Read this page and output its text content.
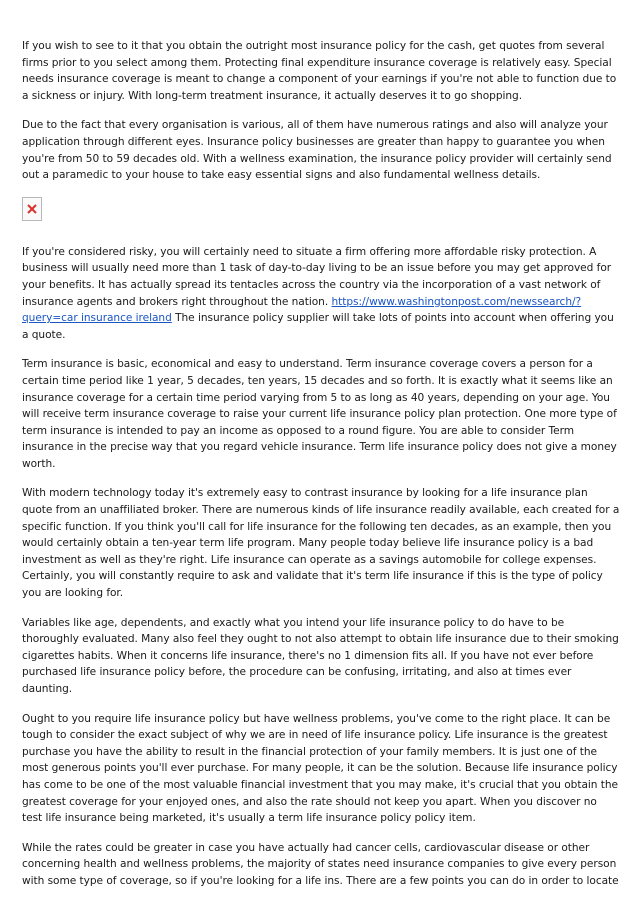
If you wish to see to it that you obtain the outright most insurance policy for the cash, get quotes from several firms prior to you select among them. Protecting final expenditure insurance coverage is relatively easy. Special needs insurance coverage is meant to change a component of your earnings if you're not able to function due to a sickness or injury. With long-term treatment insurance, it actually deserves it to go shopping.

Due to the fact that every organisation is various, all of them have numerous ratings and also will analyze your application through different eyes. Insurance policy businesses are greater than happy to guarantee you when you're from 50 to 59 decades old. With a wellness examination, the insurance policy provider will certainly send out a paramedic to your house to take easy essential signs and also fundamental wellness details.

If you're considered risky, you will certainly need to situate a firm offering more affordable risky protection. A business will usually need more than 1 task of day-to-day living to be an issue before you may get approved for your benefits. It has actually spread its tentacles across the country via the incorporation of a vast network of insurance agents and brokers right throughout the nation. https://www.washingtonpost.com/newssearch/?query=car insurance ireland The insurance policy supplier will take lots of points into account when offering you a quote.

Term insurance is basic, economical and easy to understand. Term insurance coverage covers a person for a certain time period like 1 year, 5 decades, ten years, 15 decades and so forth. It is exactly what it seems like an insurance coverage for a certain time period varying from 5 to as long as 40 years, depending on your age. You will receive term insurance coverage to raise your current life insurance policy plan protection. One more type of term insurance is intended to pay an income as opposed to a round figure. You are able to consider Term insurance in the precise way that you regard vehicle insurance. Term life insurance policy does not give a money worth.

With modern technology today it's extremely easy to contrast insurance by looking for a life insurance plan quote from an unaffiliated broker. There are numerous kinds of life insurance readily available, each created for a specific function. If you think you'll call for life insurance for the following ten decades, as an example, then you would certainly obtain a ten-year term life program. Many people today believe life insurance policy is a bad investment as well as they're right. Life insurance can operate as a savings automobile for college expenses. Certainly, you will constantly require to ask and validate that it's term life insurance if this is the type of policy you are looking for.

Variables like age, dependents, and exactly what you intend your life insurance policy to do have to be thoroughly evaluated. Many also feel they ought to not also attempt to obtain life insurance due to their smoking cigarettes habits. When it concerns life insurance, there's no 1 dimension fits all. If you have not ever before purchased life insurance policy before, the procedure can be confusing, irritating, and also at times ever daunting.

Ought to you require life insurance policy but have wellness problems, you've come to the right place. It can be tough to consider the exact subject of why we are in need of life insurance policy. Life insurance is the greatest purchase you have the ability to result in the financial protection of your family members. It is just one of the most generous points you'll ever purchase. For many people, it can be the solution. Because life insurance policy has come to be one of the most valuable financial investment that you may make, it's crucial that you obtain the greatest coverage for your enjoyed ones, and also the rate should not keep you apart. When you discover no test life insurance being marketed, it's usually a term life insurance policy policy item.

While the rates could be greater in case you have actually had cancer cells, cardiovascular disease or other concerning health and wellness problems, the majority of states need insurance companies to give every person with some type of coverage, so if you're looking for a life ins. There are a few points you can do in order to locate
